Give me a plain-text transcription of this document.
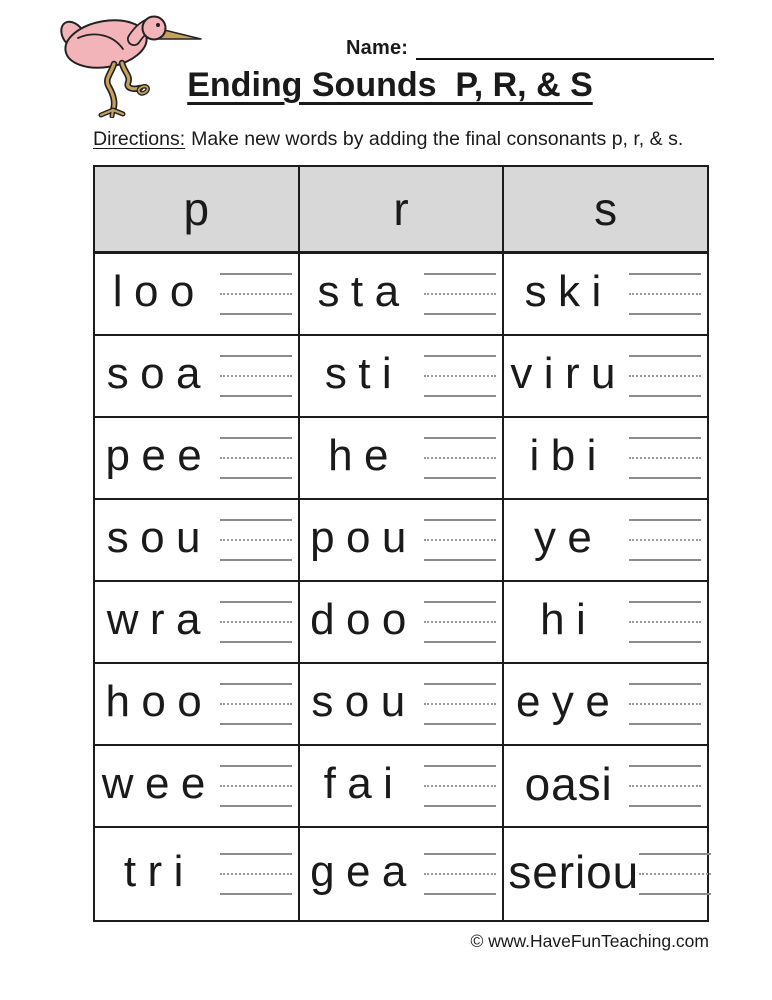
Name:
Ending Sounds  P, R, & S
Directions: Make new words by adding the final consonants p, r, & s.
p	r	s

loo	sta	ski

soa	sti	viru

pee	he	ibi

sou	pou	ye

wra	doo	hi

hoo	sou	eye

wee	fai	oasi

tri	gea	seriou
© www.HaveFunTeaching.com
